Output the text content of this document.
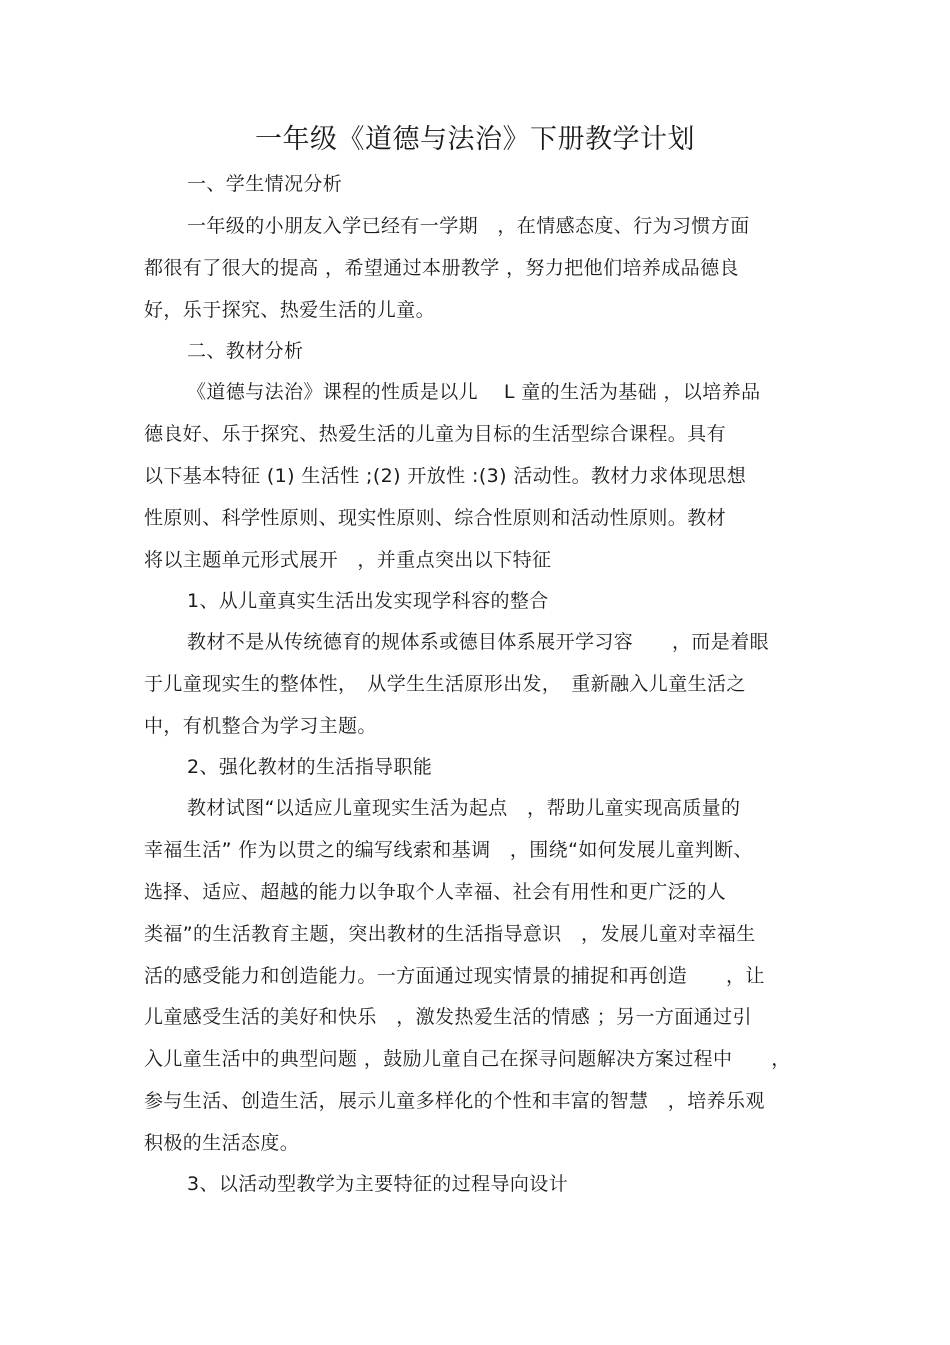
一年级《道德与法治》下册教学计划
一、学生情况分析
一年级的小朋友入学已经有一学期　，在情感态度、行为习惯方面
都很有了很大的提高 ，希望通过本册教学 ，努力把他们培养成品德良
好，乐于探究、热爱生活的儿童。
二、教材分析
《道德与法治》课程的性质是以儿　 L 童的生活为基础 ，以培养品
德良好、乐于探究、热爱生活的儿童为目标的生活型综合课程。具有
以下基本特征 (1) 生活性 ;(2) 开放性 :(3) 活动性。教材力求体现思想
性原则、科学性原则、现实性原则、综合性原则和活动性原则。教材
将以主题单元形式展开　，并重点突出以下特征
1、从儿童真实生活出发实现学科容的整合
教材不是从传统德育的规体系或德目体系展开学习容　　，而是着眼
于儿童现实生的整体性，　从学生生活原形出发，　重新融入儿童生活之
中，有机整合为学习主题。
2、强化教材的生活指导职能
教材试图“以适应儿童现实生活为起点　，帮助儿童实现高质量的
幸福生活” 作为以贯之的编写线索和基调　，围绕“如何发展儿童判断、
选择、适应、超越的能力以争取个人幸福、社会有用性和更广泛的人
类福”的生活教育主题，突出教材的生活指导意识　，发展儿童对幸福生
活的感受能力和创造能力。一方面通过现实情景的捕捉和再创造　　，让
儿童感受生活的美好和快乐　，激发热爱生活的情感 ；另一方面通过引
入儿童生活中的典型问题 ，鼓励儿童自己在探寻问题解决方案过程中　　，
参与生活、创造生活，展示儿童多样化的个性和丰富的智慧　，培养乐观
积极的生活态度。
3、以活动型教学为主要特征的过程导向设计
